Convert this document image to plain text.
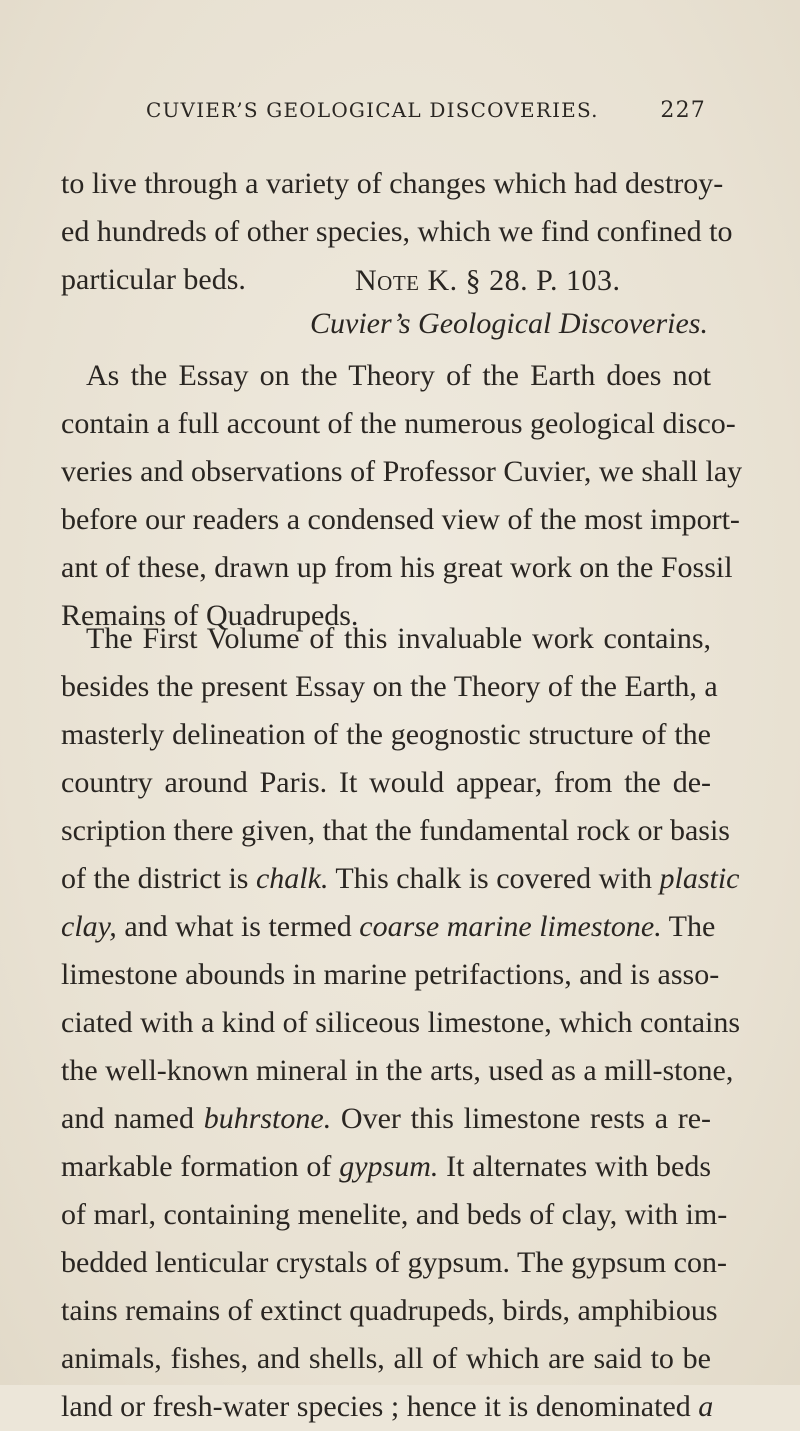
CUVIER’S GEOLOGICAL DISCOVERIES.	227
to live through a variety of changes which had destroy-
ed hundreds of other species, which we find confined to
particular beds.	Note K. § 28. P. 103.
Cuvier’s Geological Discoveries.
As the Essay on the Theory of the Earth does not
contain a full account of the numerous geological disco-
veries and observations of Professor Cuvier, we shall lay
before our readers a condensed view of the most import-
ant of these, drawn up from his great work on the Fossil
Remains of Quadrupeds.
The First Volume of this invaluable work contains,
besides the present Essay on the Theory of the Earth, a
masterly delineation of the geognostic structure of the
country around Paris. It would appear, from the de-
scription there given, that the fundamental rock or basis
of the district is chalk. This chalk is covered with plastic
clay, and what is termed coarse marine limestone. The
limestone abounds in marine petrifactions, and is asso-
ciated with a kind of siliceous limestone, which contains
the well-known mineral in the arts, used as a mill-stone,
and named buhrstone. Over this limestone rests a re-
markable formation of gypsum. It alternates with beds
of marl, containing menelite, and beds of clay, with im-
bedded lenticular crystals of gypsum. The gypsum con-
tains remains of extinct quadrupeds, birds, amphibious
animals, fishes, and shells, all of which are said to be
land or fresh-water species ; hence it is denominated a
